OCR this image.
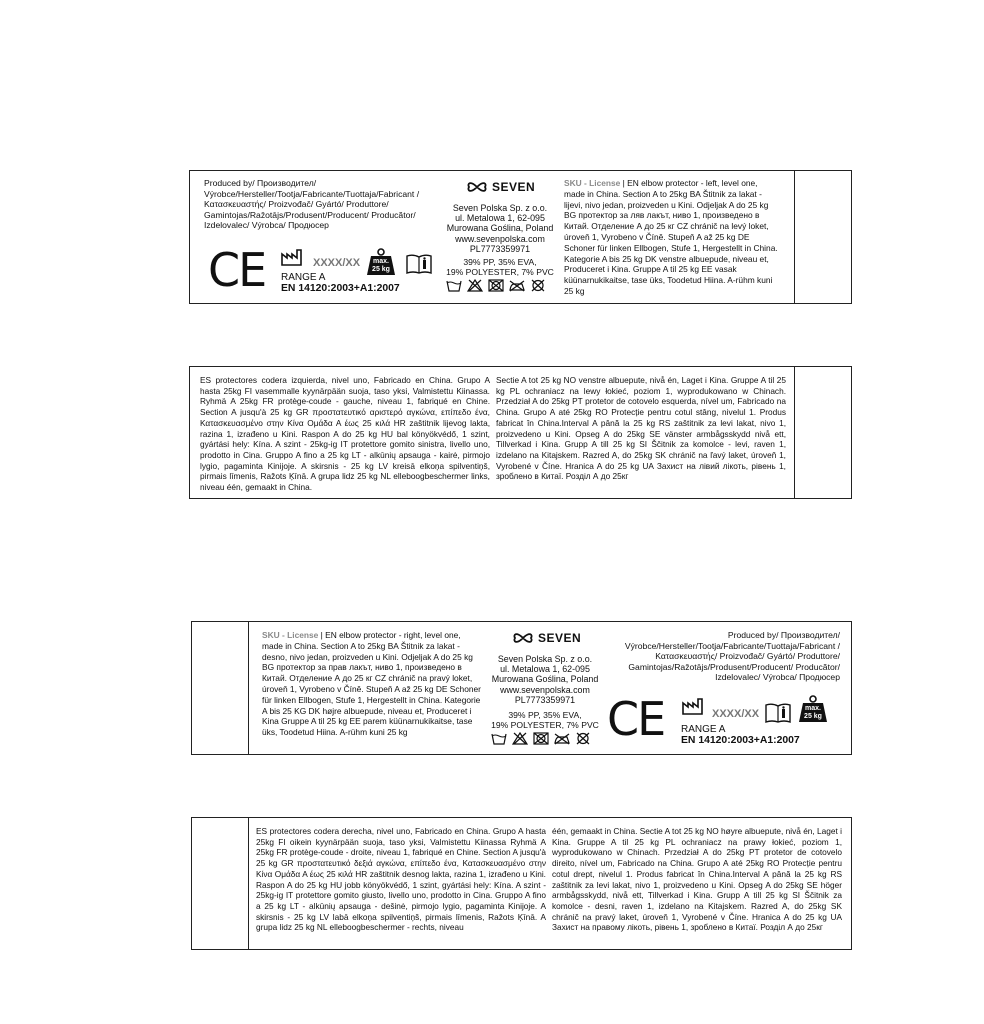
Produced by/ Производител/ Výrobce/Hersteller/Tootja/Fabricante/Tuottaja/Fabricant /Κατασκευαστής/ Proizvođač/ Gyártó/ Produttore/ Gamintojas/Ražotājs/Produsent/Producent/ Producător/ Izdelovalec/ Výrobca/ Продюсер
CE	XXXX/XX	max.
25 kg
RANGE A
EN 14120:2003+A1:2007
SEVEN
Seven Polska Sp. z o.o.
ul. Metalowa 1, 62-095
Murowana Goślina, Poland
www.sevenpolska.com
PL7773359971
39% PP, 35% EVA,
19% POLYESTER, 7% PVC
SKU - License | EN elbow protector - left, level one, made in China. Section A to 25kg BA Štitnik za lakat - lijevi, nivo jedan, proizveden u Kini. Odjeljak A do 25 kg BG протектор за ляв лакът, ниво 1, произведено в Китай. Отделение А до 25 кг CZ chránič na levý loket, úroveň 1, Vyrobeno v Číně. Stupeň A až 25 kg DE Schoner für linken Ellbogen, Stufe 1, Hergestellt in China. Kategorie A bis 25 kg DK venstre albuepude, niveau et, Produceret i Kina. Gruppe A til 25 kg EE vasak küünarnukikaitse, tase üks, Toodetud Hiina. A-rühm kuni 25 kg
ES protectores codera izquierda, nivel uno, Fabricado en China. Grupo A hasta 25kg FI vasemmalle kyynärpään suoja, taso yksi, Valmistettu Kiinassa. Ryhmä A 25kg FR protège-coude - gauche, niveau 1, fabriqué en Chine. Section A jusqu'à 25 kg GR προστατευτικό αριστερό αγκώνα, επίπεδο ένα, Κατασκευασμένο στην Κίνα Ομάδα Α έως 25 κιλά HR zaštitnik lijevog lakta, razina 1, izrađeno u Kini. Raspon A do 25 kg HU bal könyökvédő, 1 szint, gyártási hely: Kína. A szint - 25kg-ig IT protettore gomito sinistra, livello uno, prodotto in Cina. Gruppo A fino a 25 kg LT - alkūnių apsauga - kairė, pirmojo lygio, pagaminta Kinijoje. A skirsnis - 25 kg LV kreisā elkoņa spilventiņš, pirmais līmenis, Ražots Ķīnā. A grupa lidz 25 kg NL elleboogbeschermer links, niveau één, gemaakt in China.
Sectie A tot 25 kg NO venstre albuepute, nivå én, Laget i Kina. Gruppe A til 25 kg PL ochraniacz na lewy łokieć, poziom 1, wyprodukowano w Chinach. Przedział A do 25kg PT protetor de cotovelo esquerda, nível um, Fabricado na China. Grupo A até 25kg RO Protecție pentru cotul stâng, nivelul 1. Produs fabricat în China.Interval A până la 25 kg RS zaštitnik za levi lakat, nivo 1, proizvedeno u Kini. Opseg A do 25kg SE vänster armbågsskydd nivå ett, Tillverkad i Kina. Grupp A till 25 kg SI Ščitnik za komolce - levi, raven 1, izdelano na Kitajskem. Razred A, do 25kg SK chránič na ľavý laket, úroveň 1, Vyrobené v Číne. Hranica A do 25 kg UA Захист на лівий лікоть, рівень 1, зроблено в Китаї. Розділ А до 25кг
SKU - License | EN elbow protector - right, level one, made in China. Section A to 25kg BA Štitnik za lakat - desno, nivo jedan, proizveden u Kini. Odjeljak A do 25 kg BG протектор за прав лакът, ниво 1, произведено в Китай. Отделение А до 25 кг CZ chránič na pravý loket, úroveň 1, Vyrobeno v Číně. Stupeň A až 25 kg DE Schoner für linken Ellbogen, Stufe 1, Hergestellt in China. Kategorie A bis 25 KG DK højre albuepude, niveau et, Produceret i Kina Gruppe A til 25 kg EE parem küünarnukikaitse, tase üks, Toodetud Hiina. A-rühm kuni 25 kg
SEVEN
Seven Polska Sp. z o.o.
ul. Metalowa 1, 62-095
Murowana Goślina, Poland
www.sevenpolska.com
PL7773359971
39% PP, 35% EVA,
19% POLYESTER, 7% PVC
Produced by/ Производител/ Výrobce/Hersteller/Tootja/Fabricante/Tuottaja/Fabricant /Κατασκευαστής/ Proizvođač/ Gyártó/ Produttore/ Gamintojas/Ražotājs/Produsent/Producent/ Producător/ Izdelovalec/ Výrobca/ Продюсер
CE	XXXX/XX	max.
25 kg
RANGE A
EN 14120:2003+A1:2007
ES protectores codera derecha, nivel uno, Fabricado en China. Grupo A hasta 25kg FI oikein kyynärpään suoja, taso yksi, Valmistettu Kiinassa Ryhmä A 25kg FR protège-coude - droite, niveau 1, fabriqué en Chine. Section A jusqu'à 25 kg GR προστατευτικό δεξιά αγκώνα, επίπεδο ένα, Κατασκευασμένο στην Κίνα Ομάδα Α έως 25 κιλά HR zaštitnik desnog lakta, razina 1, izrađeno u Kini. Raspon A do 25 kg HU jobb könyökvédő, 1 szint, gyártási hely: Kína. A szint - 25kg-ig IT protettore gomito giusto, livello uno, prodotto in Cina. Gruppo A fino a 25 kg LT - alkūnių apsauga - dešinė, pirmojo lygio, pagaminta Kinijoje. A skirsnis - 25 kg LV labā elkoņa spilventiņš, pirmais līmenis, Ražots Ķīnā. A grupa lidz 25 kg NL elleboogbeschermer - rechts, niveau
één, gemaakt in China. Sectie A tot 25 kg NO høyre albuepute, nivå én, Laget i Kina. Gruppe A til 25 kg PL ochraniacz na prawy łokieć, poziom 1, wyprodukowano w Chinach. Przedział A do 25kg PT protetor de cotovelo direito, nível um, Fabricado na China. Grupo A até 25kg RO Protecție pentru cotul drept, nivelul 1. Produs fabricat în China.Interval A până la 25 kg RS zaštitnik za levi lakat, nivo 1, proizvedeno u Kini. Opseg A do 25kg SE höger armbågsskydd, nivå ett, Tillverkad i Kina. Grupp A till 25 kg SI Ščitnik za komolce - desni, raven 1, izdelano na Kitajskem. Razred A, do 25kg SK chránič na pravý laket, úroveň 1, Vyrobené v Číne. Hranica A do 25 kg UA Захист на правому лікоть, рівень 1, зроблено в Китаї. Розділ А до 25кг
